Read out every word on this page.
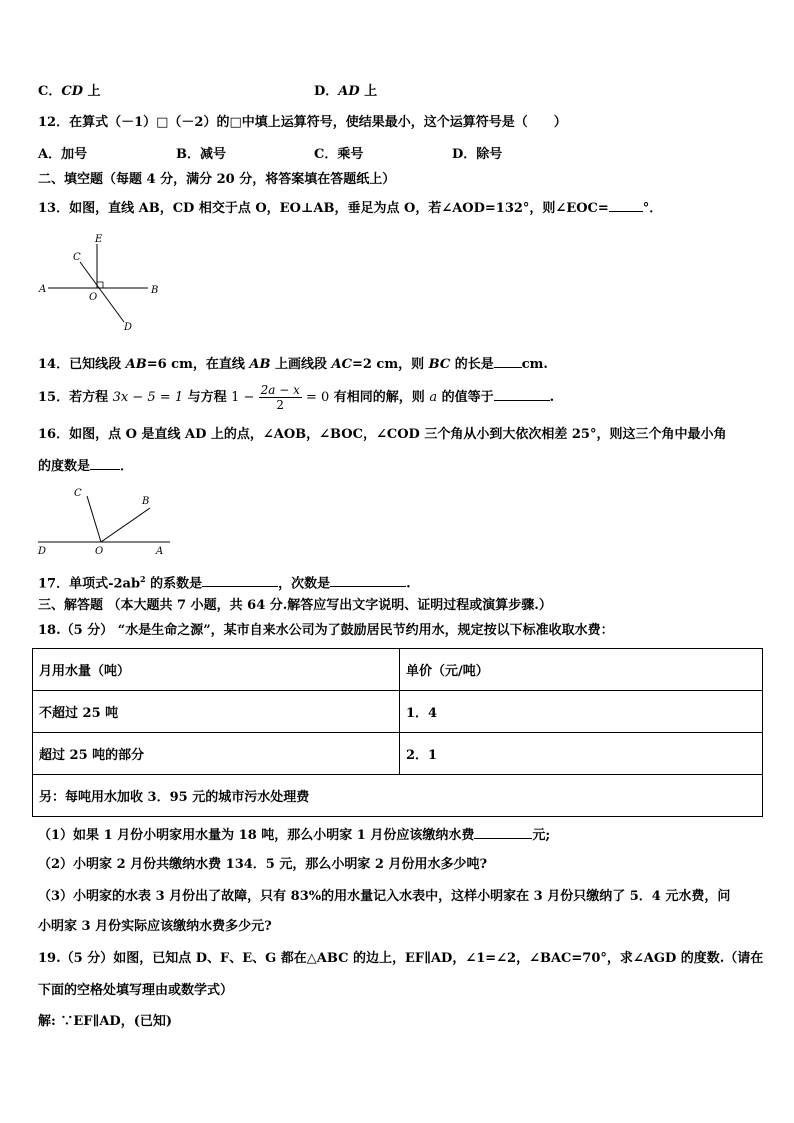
C．CD 上	D．AD 上
12．在算式（－1）□（－2）的□中填上运算符号，使结果最小，这个运算符号是（　　）
A．加号	B．减号	C．乘号	D．除号
二、填空题（每题 4 分，满分 20 分，将答案填在答题纸上）
13．如图，直线 AB，CD 相交于点 O，EO⊥AB，垂足为点 O，若∠AOD=132°，则∠EOC=	°．
E
C
A
O
B
D
14．已知线段 AB=6 cm，在直线 AB 上画线段 AC=2 cm，则 BC 的长是 cm.
15．若方程 3x − 5 = 1 与方程 $1 - \frac{2a - x}{2} = 0$ 有相同的解，则 a 的值等于	.
16．如图，点 O 是直线 AD 上的点，∠AOB，∠BOC，∠COD 三个角从小到大依次相差 25°，则这三个角中最小角
的度数是 ．
C
B
D	O	A
17．单项式$-2ab^2$ 的系数是	，次数是	.
三、解答题 （本大题共 7 小题，共 64 分.解答应写出文字说明、证明过程或演算步骤.）
18.（5 分） “水是生命之源”，某市自来水公司为了鼓励居民节约用水，规定按以下标准收取水费：
月用水量（吨）	单价（元/吨）
不超过 25 吨	1．4
超过 25 吨的部分	2．1
另：每吨用水加收 3．95 元的城市污水处理费	
（1）如果 1 月份小明家用水量为 18 吨，那么小明家 1 月份应该缴纳水费	元;
（2）小明家 2 月份共缴纳水费 134．5 元，那么小明家 2 月份用水多少吨?
（3）小明家的水表 3 月份出了故障，只有 83%的用水量记入水表中，这样小明家在 3 月份只缴纳了 5．4 元水费，问
小明家 3 月份实际应该缴纳水费多少元?
19.（5 分）如图，已知点 D、F、E、G 都在△ABC 的边上，EF∥AD，∠1=∠2，∠BAC=70°，求∠AGD 的度数.（请在
下面的空格处填写理由或数学式）
解: ∵EF∥AD，(已知)
